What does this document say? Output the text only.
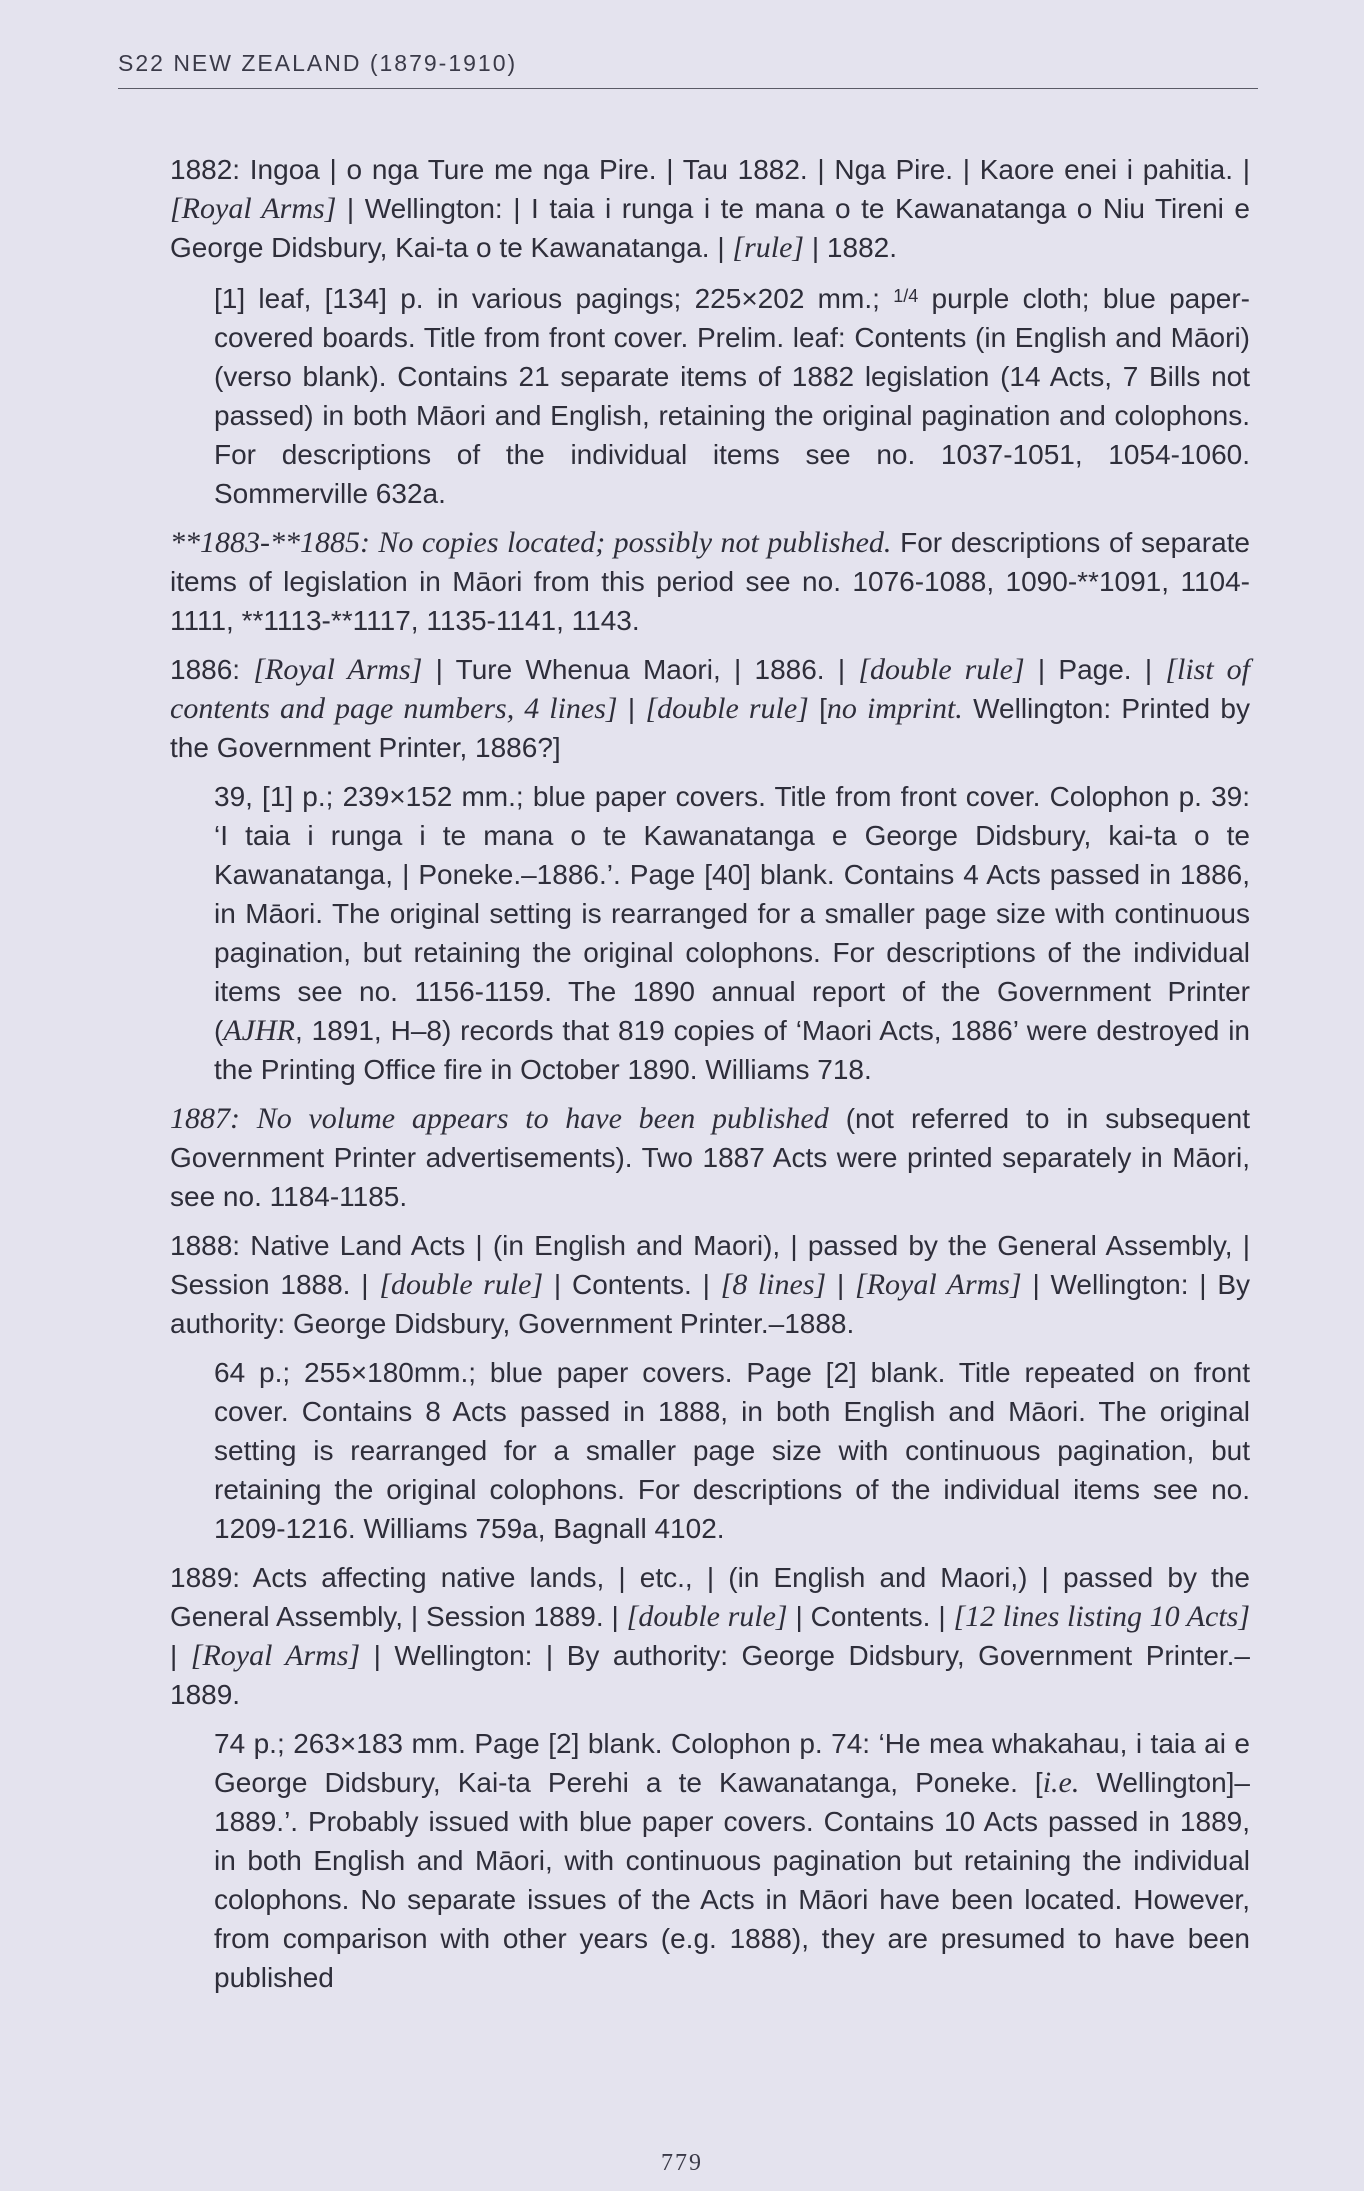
S22 NEW ZEALAND (1879-1910)

1882: Ingoa | o nga Ture me nga Pire. | Tau 1882. | Nga Pire. | Kaore enei i pahitia. | [Royal Arms] | Wellington: | I taia i runga i te mana o te Kawanatanga o Niu Tireni e George Didsbury, Kai-ta o te Kawanatanga. | [rule] | 1882.

[1] leaf, [134] p. in various pagings; 225×202 mm.; $^{1/4}$ purple cloth; blue paper-covered boards. Title from front cover. Prelim. leaf: Contents (in English and Māori) (verso blank). Contains 21 separate items of 1882 legislation (14 Acts, 7 Bills not passed) in both Māori and English, retaining the original pagination and colophons. For descriptions of the individual items see no. 1037-1051, 1054-1060. Sommerville 632a.

**1883-**1885: No copies located; possibly not published. For descriptions of separate items of legislation in Māori from this period see no. 1076-1088, 1090-**1091, 1104-1111, **1113-**1117, 1135-1141, 1143.

1886: [Royal Arms] | Ture Whenua Maori, | 1886. | [double rule] | Page. | [list of contents and page numbers, 4 lines] | [double rule] [no imprint. Wellington: Printed by the Government Printer, 1886?]

39, [1] p.; 239×152 mm.; blue paper covers. Title from front cover. Colophon p. 39: ‘I taia i runga i te mana o te Kawanatanga e George Didsbury, kai-ta o te Kawanatanga, | Poneke.–1886.’. Page [40] blank. Contains 4 Acts passed in 1886, in Māori. The original setting is rearranged for a smaller page size with continuous pagination, but retaining the original colophons. For descriptions of the individual items see no. 1156-1159. The 1890 annual report of the Government Printer (AJHR, 1891, H–8) records that 819 copies of ‘Maori Acts, 1886’ were destroyed in the Printing Office fire in October 1890. Williams 718.

1887: No volume appears to have been published (not referred to in subsequent Government Printer advertisements). Two 1887 Acts were printed separately in Māori, see no. 1184-1185.

1888: Native Land Acts | (in English and Maori), | passed by the General Assembly, | Session 1888. | [double rule] | Contents. | [8 lines] | [Royal Arms] | Wellington: | By authority: George Didsbury, Government Printer.–1888.

64 p.; 255×180mm.; blue paper covers. Page [2] blank. Title repeated on front cover. Contains 8 Acts passed in 1888, in both English and Māori. The original setting is rearranged for a smaller page size with continuous pagination, but retaining the original colophons. For descriptions of the individual items see no. 1209-1216. Williams 759a, Bagnall 4102.

1889: Acts affecting native lands, | etc., | (in English and Maori,) | passed by the General Assembly, | Session 1889. | [double rule] | Contents. | [12 lines listing 10 Acts] | [Royal Arms] | Wellington: | By authority: George Didsbury, Government Printer.–1889.

74 p.; 263×183 mm. Page [2] blank. Colophon p. 74: ‘He mea whakahau, i taia ai e George Didsbury, Kai-ta Perehi a te Kawanatanga, Poneke. [i.e. Wellington]–1889.’. Probably issued with blue paper covers. Contains 10 Acts passed in 1889, in both English and Māori, with continuous pagination but retaining the individual colophons. No separate issues of the Acts in Māori have been located. However, from comparison with other years (e.g. 1888), they are presumed to have been published

779
